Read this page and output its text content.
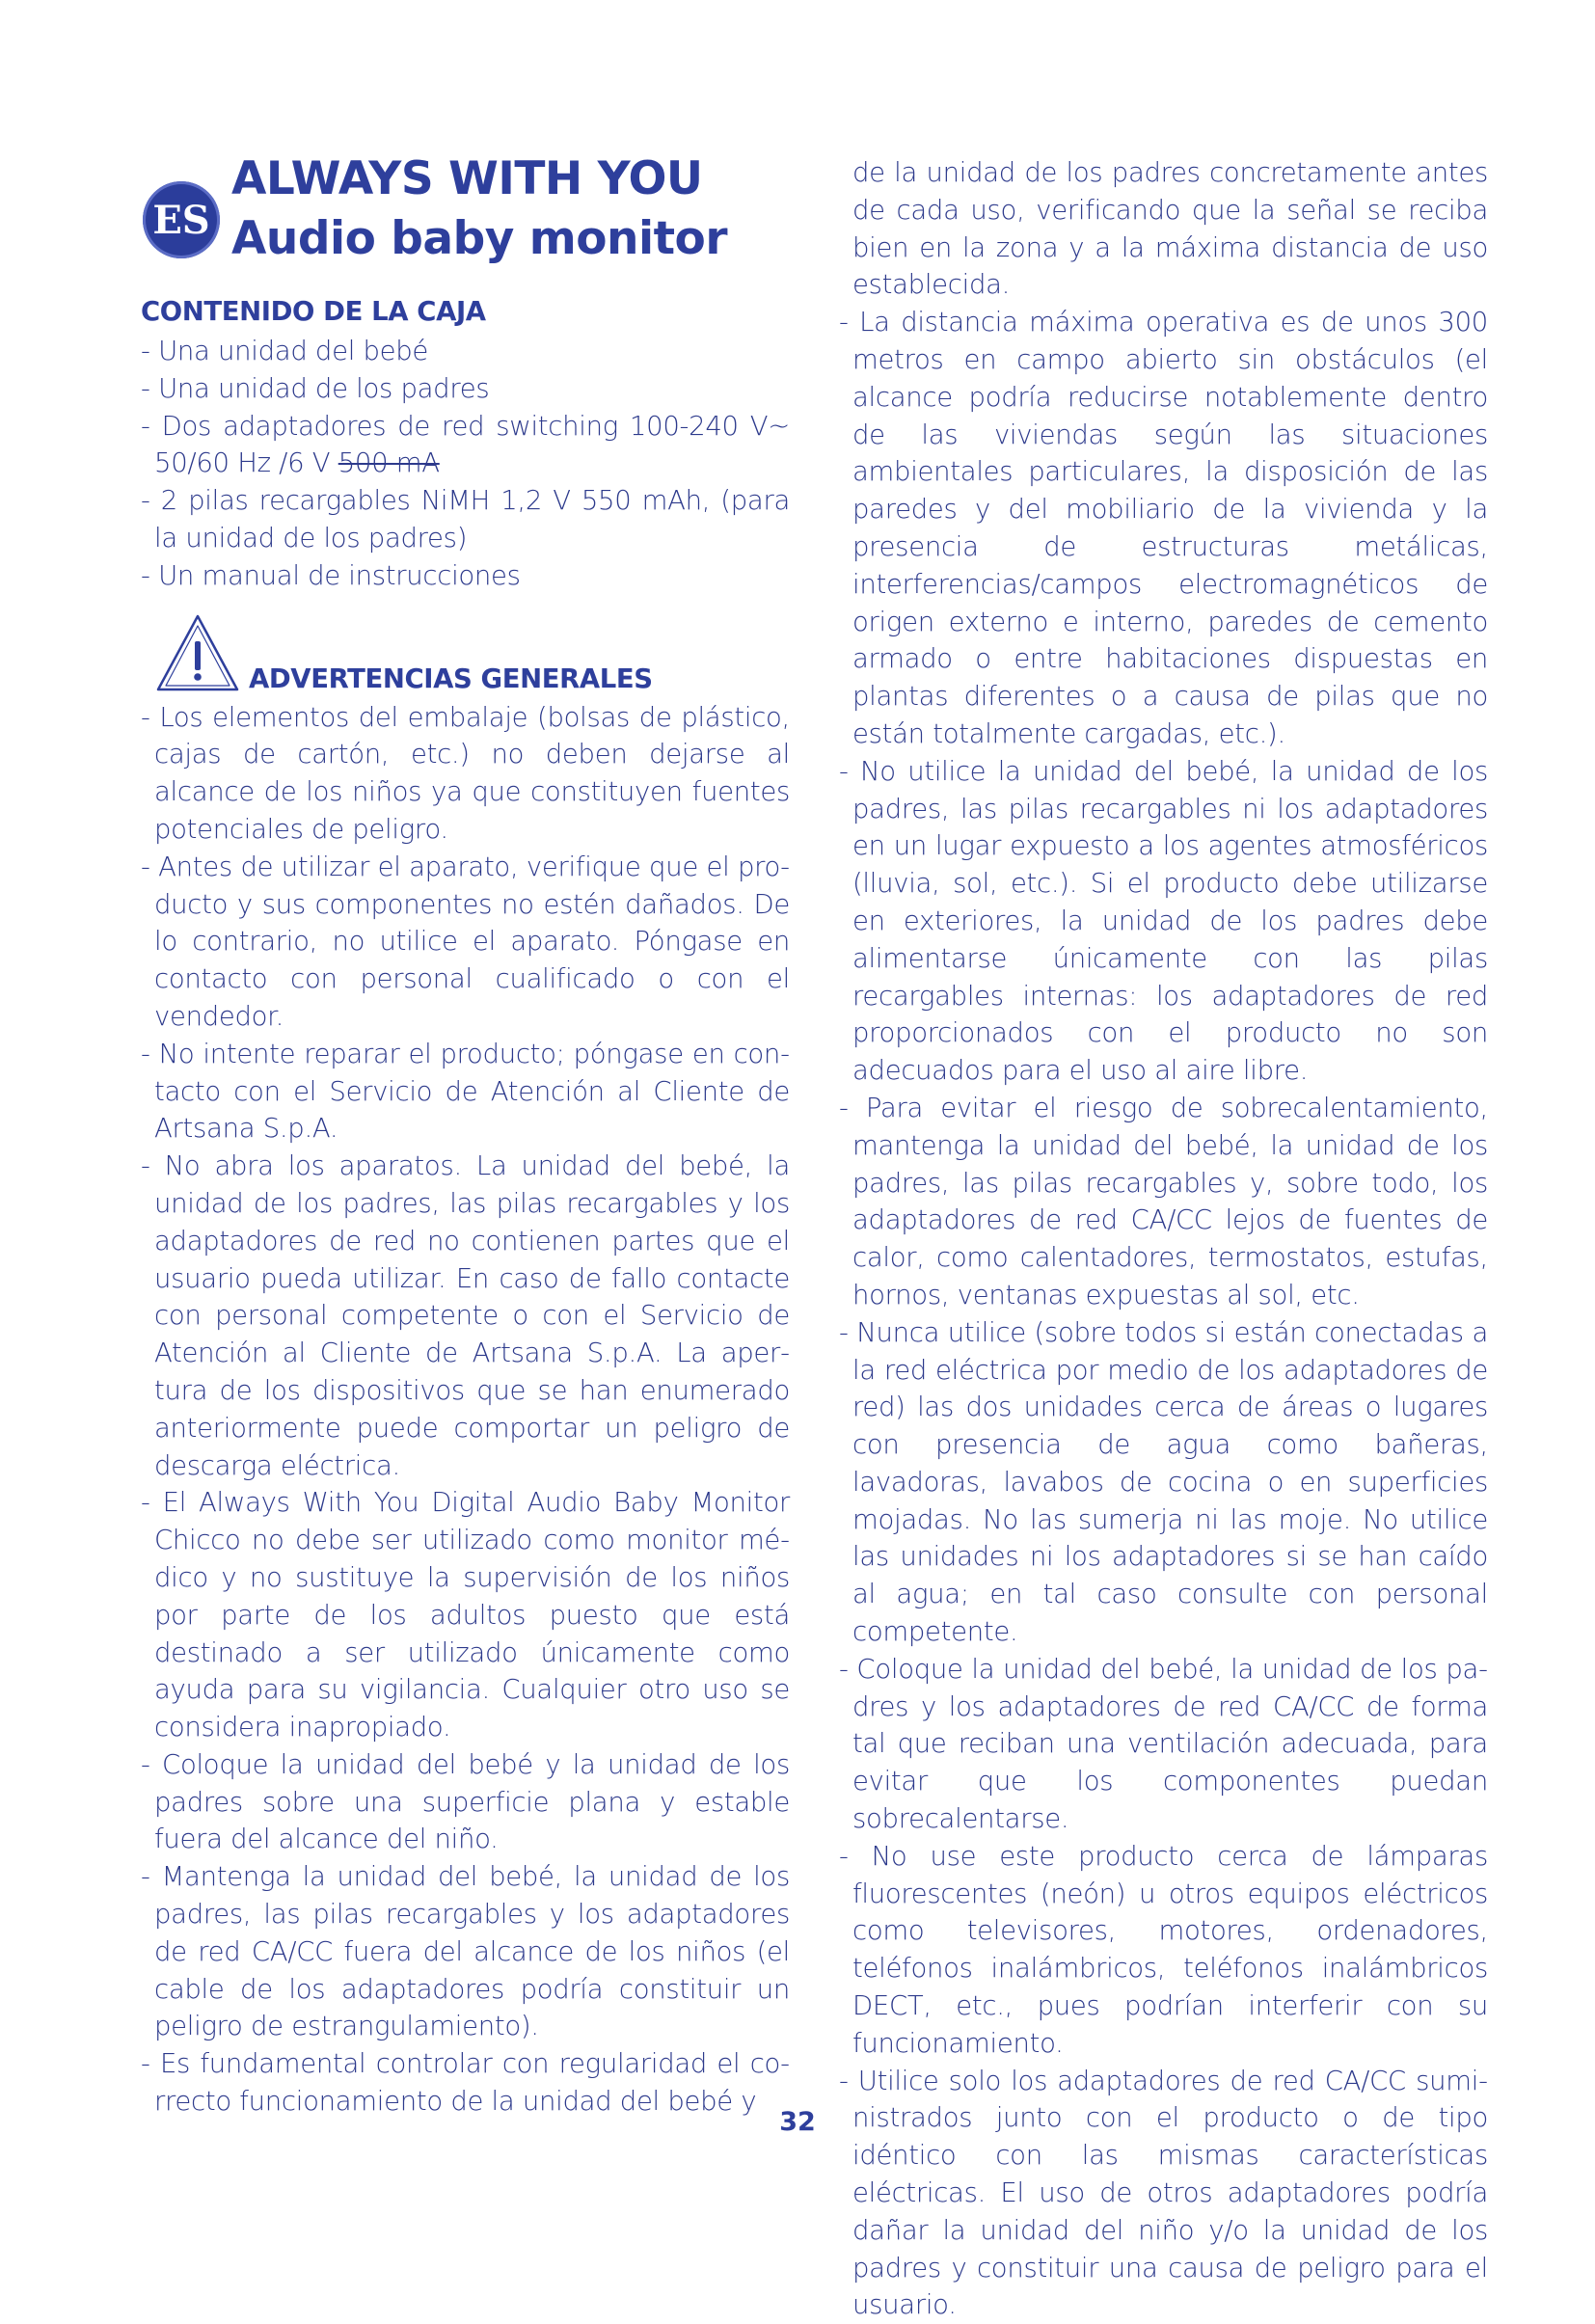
ES
ALWAYS WITH YOU
Audio baby monitor
CONTENIDO DE LA CAJA

- Una unidad del bebé

- Una unidad de los padres

- Dos adaptadores de red switching 100-240 V~ 50/60 Hz /6 V 500 mA

- 2 pilas recargables NiMH 1,2 V 550 mAh, (para la unidad de los padres)

- Un manual de instrucciones

ADVERTENCIAS GENERALES

- Los elementos del embalaje (bolsas de plástico, cajas de cartón, etc.) no deben dejarse al alcance de los niños ya que constituyen fuentes potenciales de peligro.

- Antes de utilizar el aparato, verifique que el producto y sus componentes no estén dañados. De lo contrario, no utilice el aparato. Póngase en contacto con personal cualificado o con el vendedor.

- No intente reparar el producto; póngase en contacto con el Servicio de Atención al Cliente de Artsana S.p.A.

- No abra los aparatos. La unidad del bebé, la unidad de los padres, las pilas recargables y los adaptadores de red no contienen partes que el usuario pueda utilizar. En caso de fallo contacte con personal competente o con el Servicio de Atención al Cliente de Artsana S.p.A. La apertura de los dispositivos que se han enumerado anteriormente puede comportar un peligro de descarga eléctrica.

- El Always With You Digital Audio Baby Monitor Chicco no debe ser utilizado como monitor médico y no sustituye la supervisión de los niños por parte de los adultos puesto que está destinado a ser utilizado únicamente como ayuda para su vigilancia. Cualquier otro uso se considera inapropiado.

- Coloque la unidad del bebé y la unidad de los padres sobre una superficie plana y estable fuera del alcance del niño.

- Mantenga la unidad del bebé, la unidad de los padres, las pilas recargables y los adaptadores de red CA/CC fuera del alcance de los niños (el cable de los adaptadores podría constituir un peligro de estrangulamiento).

- Es fundamental controlar con regularidad el correcto funcionamiento de la unidad del bebé y

de la unidad de los padres concretamente antes de cada uso, verificando que la señal se reciba bien en la zona y a la máxima distancia de uso establecida.

- La distancia máxima operativa es de unos 300 metros en campo abierto sin obstáculos (el alcance podría reducirse notablemente dentro de las viviendas según las situaciones ambientales particulares, la disposición de las paredes y del mobiliario de la vivienda y la presencia de estructuras metálicas, interferencias/campos electromagnéticos de origen externo e interno, paredes de cemento armado o entre habitaciones dispuestas en plantas diferentes o a causa de pilas que no están totalmente cargadas, etc.).

- No utilice la unidad del bebé, la unidad de los padres, las pilas recargables ni los adaptadores en un lugar expuesto a los agentes atmosféricos (lluvia, sol, etc.). Si el producto debe utilizarse en exteriores, la unidad de los padres debe alimentarse únicamente con las pilas recargables internas: los adaptadores de red proporcionados con el producto no son adecuados para el uso al aire libre.

- Para evitar el riesgo de sobrecalentamiento, mantenga la unidad del bebé, la unidad de los padres, las pilas recargables y, sobre todo, los adaptadores de red CA/CC lejos de fuentes de calor, como calentadores, termostatos, estufas, hornos, ventanas expuestas al sol, etc.

- Nunca utilice (sobre todos si están conectadas a la red eléctrica por medio de los adaptadores de red) las dos unidades cerca de áreas o lugares con presencia de agua como bañeras, lavadoras, lavabos de cocina o en superficies mojadas. No las sumerja ni las moje. No utilice las unidades ni los adaptadores si se han caído al agua; en tal caso consulte con personal competente.

- Coloque la unidad del bebé, la unidad de los padres y los adaptadores de red CA/CC de forma tal que reciban una ventilación adecuada, para evitar que los componentes puedan sobrecalentarse.

- No use este producto cerca de lámparas fluorescentes (neón) u otros equipos eléctricos como televisores, motores, ordenadores, teléfonos inalámbricos, teléfonos inalámbricos DECT, etc., pues podrían interferir con su funcionamiento.

- Utilice solo los adaptadores de red CA/CC suministrados junto con el producto o de tipo idéntico con las mismas características eléctricas. El uso de otros adaptadores podría dañar la unidad del niño y/o la unidad de los padres y constituir una causa de peligro para el usuario.

32
